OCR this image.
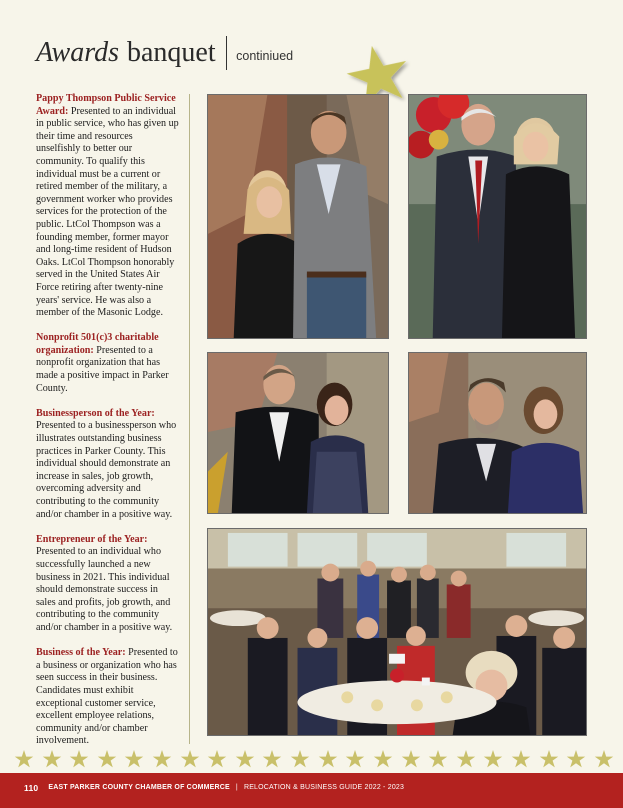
Awards banquet continiued

Pappy Thompson Public Service Award: Presented to an individual in public service, who has given up their time and resources unselfishly to better our community. To qualify this individual must be a current or retired member of the military, a government worker who provides services for the protection of the public. LtCol Thompson was a founding member, former mayor and long-time resident of Hudson Oaks. LtCol Thompson honorably served in the United States Air Force retiring after twenty-nine years' service. He was also a member of the Masonic Lodge.

Nonprofit 501(c)3 charitable organization: Presented to a nonprofit organization that has made a positive impact in Parker County.

Businessperson of the Year: Presented to a businessperson who illustrates outstanding business practices in Parker County. This individual should demonstrate an increase in sales, job growth, overcoming adversity and contributing to the community and/or chamber in a positive way.

Entrepreneur of the Year: Presented to an individual who successfully launched a new business in 2021. This individual should demonstrate success in sales and profits, job growth, and contributing to the community and/or chamber in a positive way.

Business of the Year: Presented to a business or organization who has seen success in their business. Candidates must exhibit exceptional customer service, excellent employee relations, community and/or chamber involvement.

110 EAST PARKER COUNTY CHAMBER OF COMMERCE | RELOCATION & BUSINESS GUIDE 2022 - 2023
